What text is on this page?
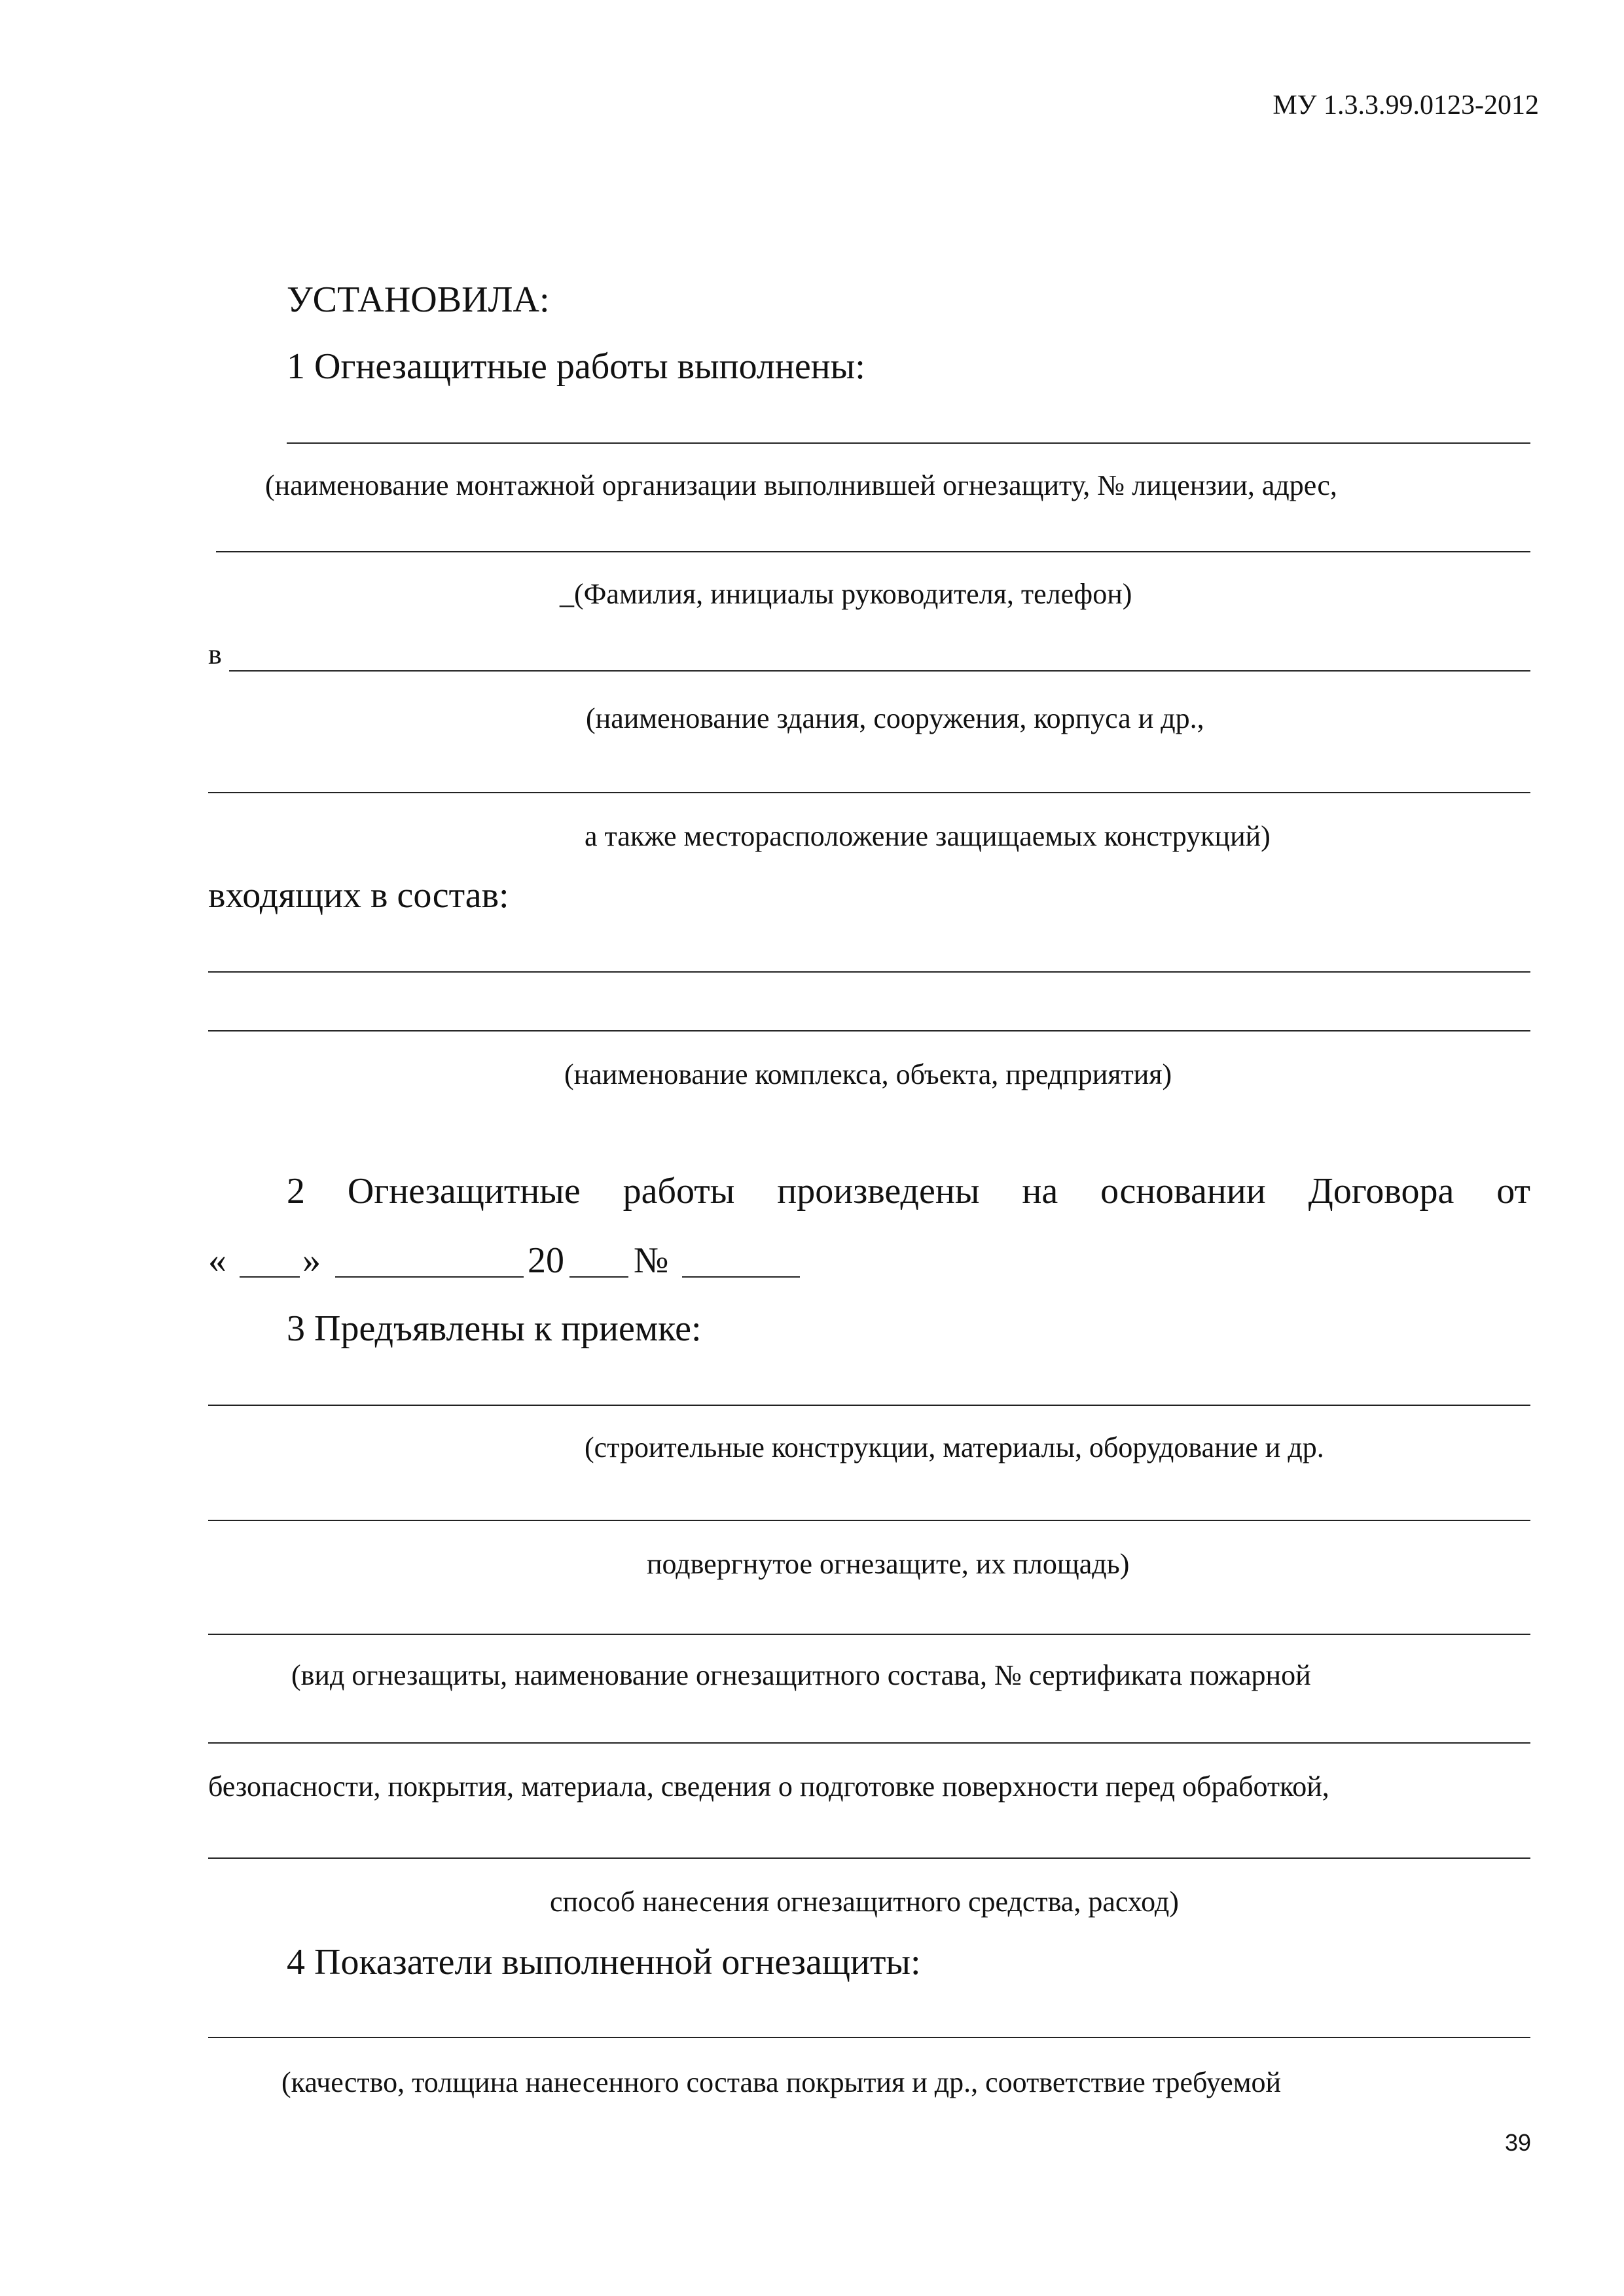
МУ 1.3.3.99.0123-2012
УСТАНОВИЛА:
1 Огнезащитные работы выполнены:
(наименование монтажной организации выполнившей огнезащиту, № лицензии, адрес,
_(Фамилия, инициалы руководителя, телефон)
в
(наименование здания, сооружения, корпуса и др.,
а также месторасположение защищаемых конструкций)
входящих в состав:
(наименование комплекса, объекта, предприятия)
2 Огнезащитные работы произведены на основании Договора от
« »	20 №
3 Предъявлены к приемке:
(строительные конструкции, материалы, оборудование и др.
подвергнутое огнезащите, их площадь)
(вид огнезащиты, наименование огнезащитного состава, № сертификата пожарной
безопасности, покрытия, материала, сведения о подготовке поверхности перед обработкой,
способ нанесения огнезащитного средства, расход)
4 Показатели выполненной огнезащиты:
(качество, толщина нанесенного состава покрытия и др., соответствие требуемой
39
